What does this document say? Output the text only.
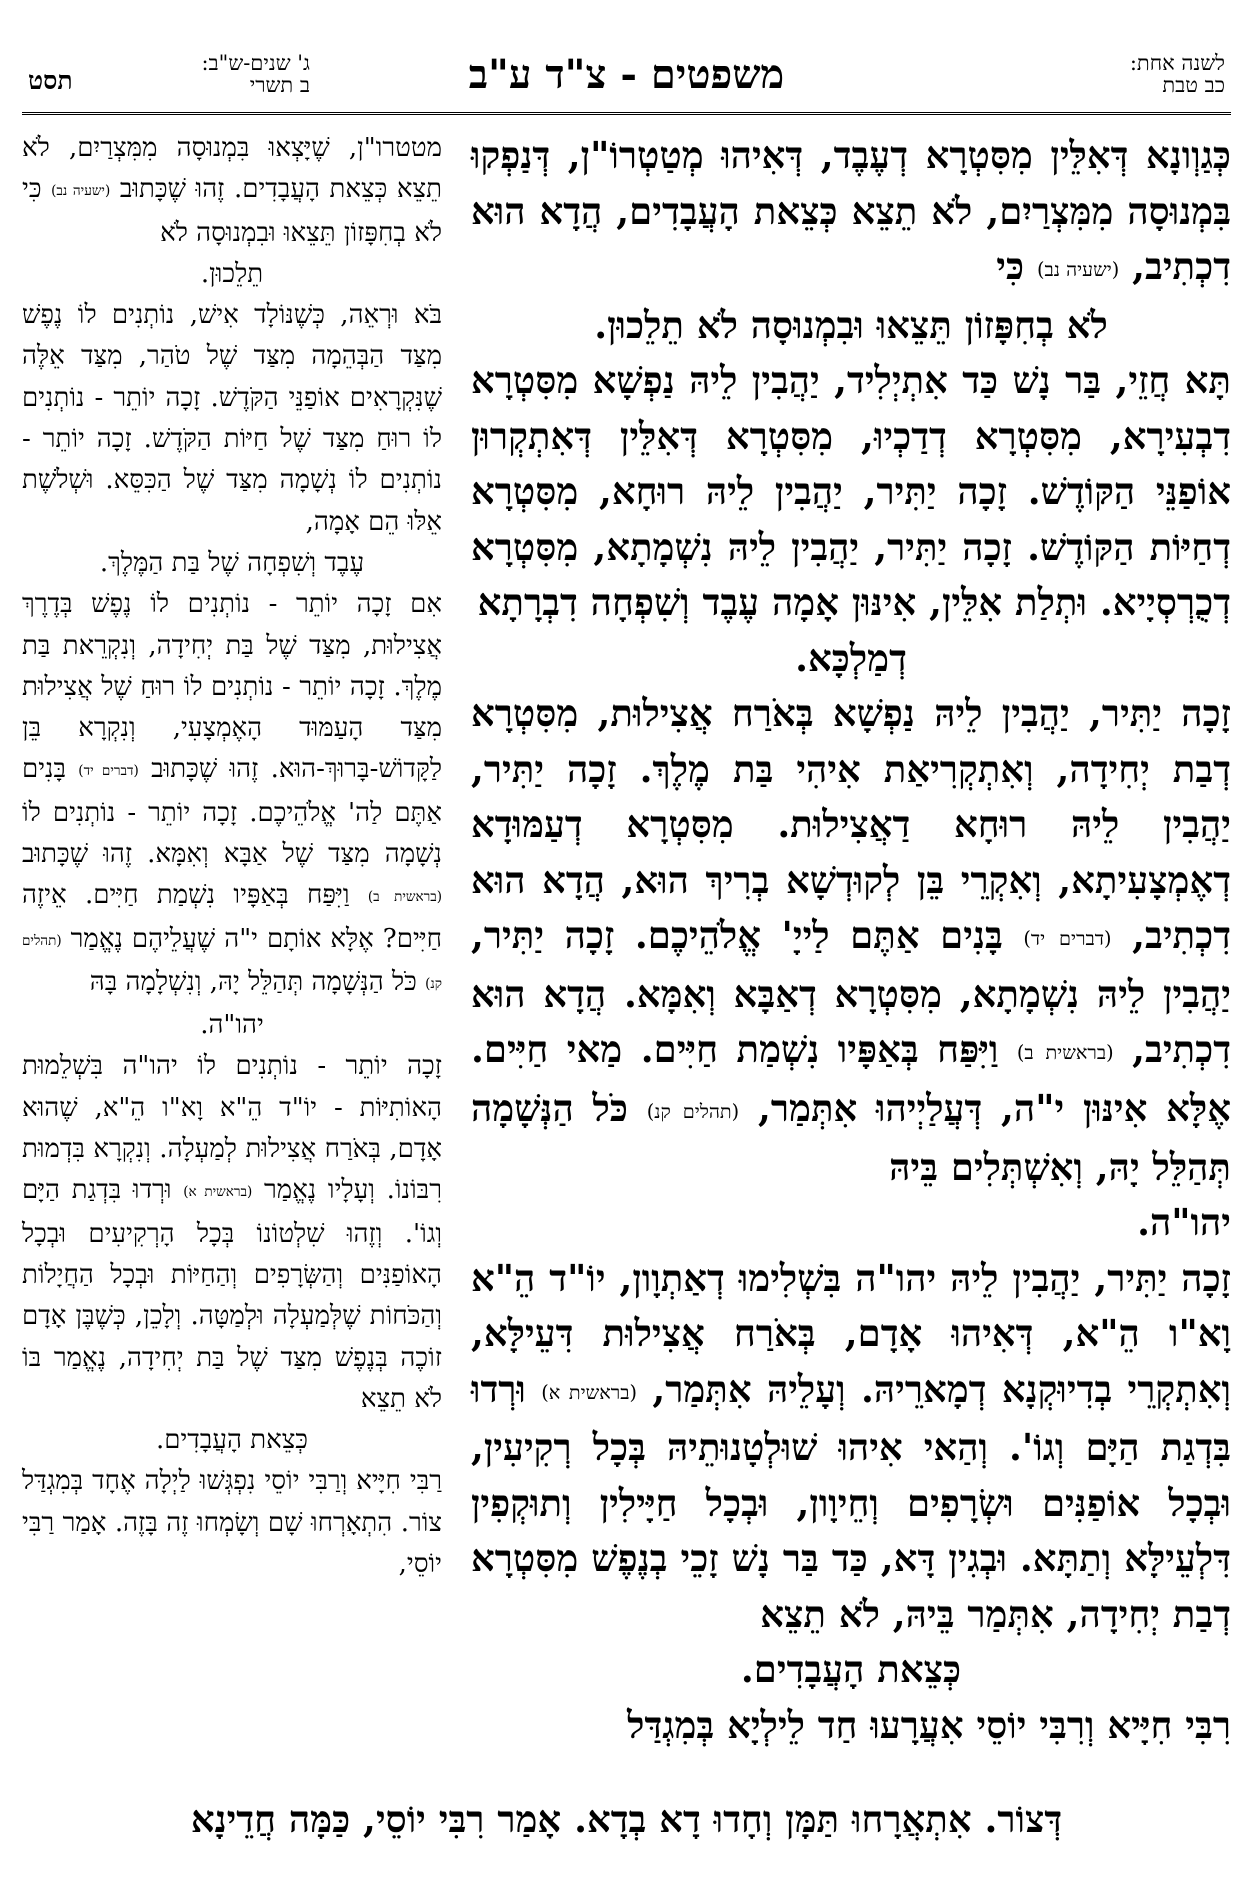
לשנה אחת:
כב טבת
משפטים - צ"ד ע"ב
ג' שנים-ש"ב:
ב תשרי
תסט

כְּגַוְונָא דְּאִלֵּין מִסִּטְרָא דְעֶבֶד, דְּאִיהוּ מְטַטְרוֹ"ן, דְּנַפְקוּ בִּמְנוּסָה מִמִּצְרַיִם, לֹא תֵצֵא כְּצֵאת הָעֲבָדִים, הֲדָא הוּא דִכְתִיב, (ישעיה נב) כִּי

לֹא בְחִפָּזוֹן תֵּצֵאוּ וּבִמְנוּסָה לֹא תֵלֵכוּן.

תָּא חֲזֵי, בַּר נָשׁ כַּד אִתְיְלִיד, יַהֲבִין לֵיהּ נַפְשָׁא מִסִּטְרָא דִבְעִירָא, מִסִּטְרָא דְדַכְיוּ, מִסִּטְרָא דְּאִלֵּין דְּאִתְקְרוּן אוֹפַנֵּי הַקּוֹדֶשׁ. זָכָה יַתִּיר, יַהֲבִין לֵיהּ רוּחָא, מִסִּטְרָא דְחַיּוֹת הַקּוֹדֶשׁ. זָכָה יַתִּיר, יַהֲבִין לֵיהּ נִשְׁמָתָא, מִסִּטְרָא דְכֻרְסְיָיא. וּתְלַת אִלֵּין, אִינּוּן אָמָה עֶבֶד וְשִׁפְחָה דִבְרָתָא

דְמַלְכָּא.

זָכָה יַתִּיר, יַהֲבִין לֵיהּ נַפְשָׁא בְּאֹרַח אֲצִילוּת, מִסִּטְרָא דְבַת יְחִידָה, וְאִתְקְרִיאַת אִיהִי בַּת מֶלֶךְ. זָכָה יַתִּיר, יַהֲבִין לֵיהּ רוּחָא דַאֲצִילוּת. מִסִּטְרָא דְעַמּוּדָא דְאֶמְצָעִיתָא, וְאִקְרֵי בֵּן לְקוּדְשָׁא בְרִיךְ הוּא, הֲדָא הוּא דִכְתִיב, (דברים יד) בָּנִים אַתֶּם לַייָ' אֱלֹהֵיכֶם. זָכָה יַתִּיר, יַהֲבִין לֵיהּ נִשְׁמָתָא, מִסִּטְרָא דְאַבָּא וְאִמָּא. הֲדָא הוּא דִכְתִיב, (בראשית ב) וַיִּפַּח בְּאַפָּיו נִשְׁמַת חַיִּים. מַאי חַיִּים. אֶלָּא אִינּוּן י"ה, דְּעֲלַיְיהוּ אִתְּמַר, (תהלים קנ) כֹּל הַנְּשָׁמָה תְּהַלֵּל יָהּ, וְאִשְׁתְּלִים בֵּיהּ

יהו"ה.

זָכָה יַתִּיר, יַהֲבִין לֵיהּ יהו"ה בִּשְׁלִימוּ דְאַתְוָון, יוֹ"ד הֵ"א וָא"ו הֵ"א, דְּאִיהוּ אָדָם, בְּאֹרַח אֲצִילוּת דִּעֵילָּא, וְאִתְקְרֵי בְדִיוּקְנָא דְמָארֵיהּ. וְעָלֵיהּ אִתְּמַר, (בראשית א) וּרְדוּ בִּדְגַת הַיָּם וְגוֹ'. וְהַאי אִיהוּ שׁוּלְטָנוּתֵיהּ בְּכָל רְקִיעִין, וּבְכָל אוֹפַנִּים וּשְׂרָפִים וְחֵיוָון, וּבְכָל חַיָּילִין וְתוּקְפִין דִּלְעֵילָּא וְתַתָּא. וּבְגִין דָּא, כַּד בַּר נָשׁ זָכֵי בְנֶפֶשׁ מִסִּטְרָא דְבַת יְחִידָה, אִתְּמַר בֵּיהּ, לֹא תֵצֵא

כְּצֵאת הָעֲבָדִים.

רִבִּי חִיָּיא וְרִבִּי יוֹסֵי אִעֲרָעוּ חַד לֵילְיָא בְּמִגְדַּל

מטטרו"ן, שֶׁיָּצְאוּ בִּמְנוּסָה מִמִּצְרַיִם, לֹא תֵצֵא כְּצֵאת הָעֲבָדִים. זֶהוּ שֶׁכָּתוּב (ישעיה נב) כִּי לֹא בְחִפָּזוֹן תֵּצֵאוּ וּבִמְנוּסָה לֹא

תֵלֵכוּן.

בֹּא וּרְאֵה, כְּשֶׁנּוֹלָד אִישׁ, נוֹתְנִים לוֹ נֶפֶשׁ מִצַּד הַבְּהֵמָה מִצַּד שֶׁל טֹהַר, מִצַּד אֵלֶּה שֶׁנִּקְרָאִים אוֹפַנֵּי הַקֹּדֶשׁ. זָכָה יוֹתֵר - נוֹתְנִים לוֹ רוּחַ מִצַּד שֶׁל חַיּוֹת הַקֹּדֶשׁ. זָכָה יוֹתֵר - נוֹתְנִים לוֹ נְשָׁמָה מִצַּד שֶׁל הַכִּסֵּא. וּשְׁלֹשֶׁת אֵלּוּ הֵם אָמָה,

עֶבֶד וְשִׁפְחָה שֶׁל בַּת הַמֶּלֶךְ.

אִם זָכָה יוֹתֵר - נוֹתְנִים לוֹ נֶפֶשׁ בְּדֶרֶךְ אֲצִילוּת, מִצַּד שֶׁל בַּת יְחִידָה, וְנִקְרֵאת בַּת מֶלֶךְ. זָכָה יוֹתֵר - נוֹתְנִים לוֹ רוּחַ שֶׁל אֲצִילוּת מִצַּד הָעַמּוּד הָאֶמְצָעִי, וְנִקְרָא בֵּן לַקָּדוֹשׁ-בָּרוּךְ-הוּא. זֶהוּ שֶׁכָּתוּב (דברים יד) בָּנִים אַתֶּם לַה' אֱלֹהֵיכֶם. זָכָה יוֹתֵר - נוֹתְנִים לוֹ נְשָׁמָה מִצַּד שֶׁל אַבָּא וְאִמָּא. זֶהוּ שֶׁכָּתוּב (בראשית ב) וַיִּפַּח בְּאַפָּיו נִשְׁמַת חַיִּים. אֵיזֶה חַיִּים? אֶלָּא אוֹתָם י"ה שֶׁעֲלֵיהֶם נֶאֱמַר (תהלים קנ) כֹּל הַנְּשָׁמָה תְּהַלֵּל יָהּ, וְנִשְׁלָמָה בָּהּ

יהו"ה.

זָכָה יוֹתֵר - נוֹתְנִים לוֹ יהו"ה בִּשְׁלֵמוּת הָאוֹתִיּוֹת - יוֹ"ד הֵ"א וָא"ו הֵ"א, שֶׁהוּא אָדָם, בְּאֹרַח אֲצִילוּת לְמַעְלָה. וְנִקְרָא בִּדְמוּת רִבּוֹנוֹ. וְעָלָיו נֶאֱמַר (בראשית א) וּרְדוּ בִּדְגַת הַיָּם וְגוֹ'. וְזֶהוּ שִׁלְטוֹנוֹ בְּכָל הָרְקִיעִים וּבְכָל הָאוֹפַנִּים וְהַשְּׂרָפִים וְהַחַיּוֹת וּבְכָל הַחֲיָלוֹת וְהַכֹּחוֹת שֶׁלְּמַעְלָה וּלְמַטָּה. וְלָכֵן, כְּשֶׁבֶּן אָדָם זוֹכֶה בְּנֶפֶשׁ מִצַּד שֶׁל בַּת יְחִידָה, נֶאֱמַר בּוֹ לֹא תֵצֵא

כְּצֵאת הָעֲבָדִים.

רַבִּי חִיָּיא וְרַבִּי יוֹסֵי נִפְגְּשׁוּ לַיְלָה אֶחָד בְּמִגְדַּל צוֹר. הִתְאָרְחוּ שָׁם וְשָׂמְחוּ זֶה בָּזֶה. אָמַר רַבִּי יוֹסֵי,

דְּצוֹר. אִתְאֲרָחוּ תַּמָּן וְחָדוּ דָא בְדָא. אָמַר רִבִּי יוֹסֵי, כַּמָּה חֲדֵינָא
